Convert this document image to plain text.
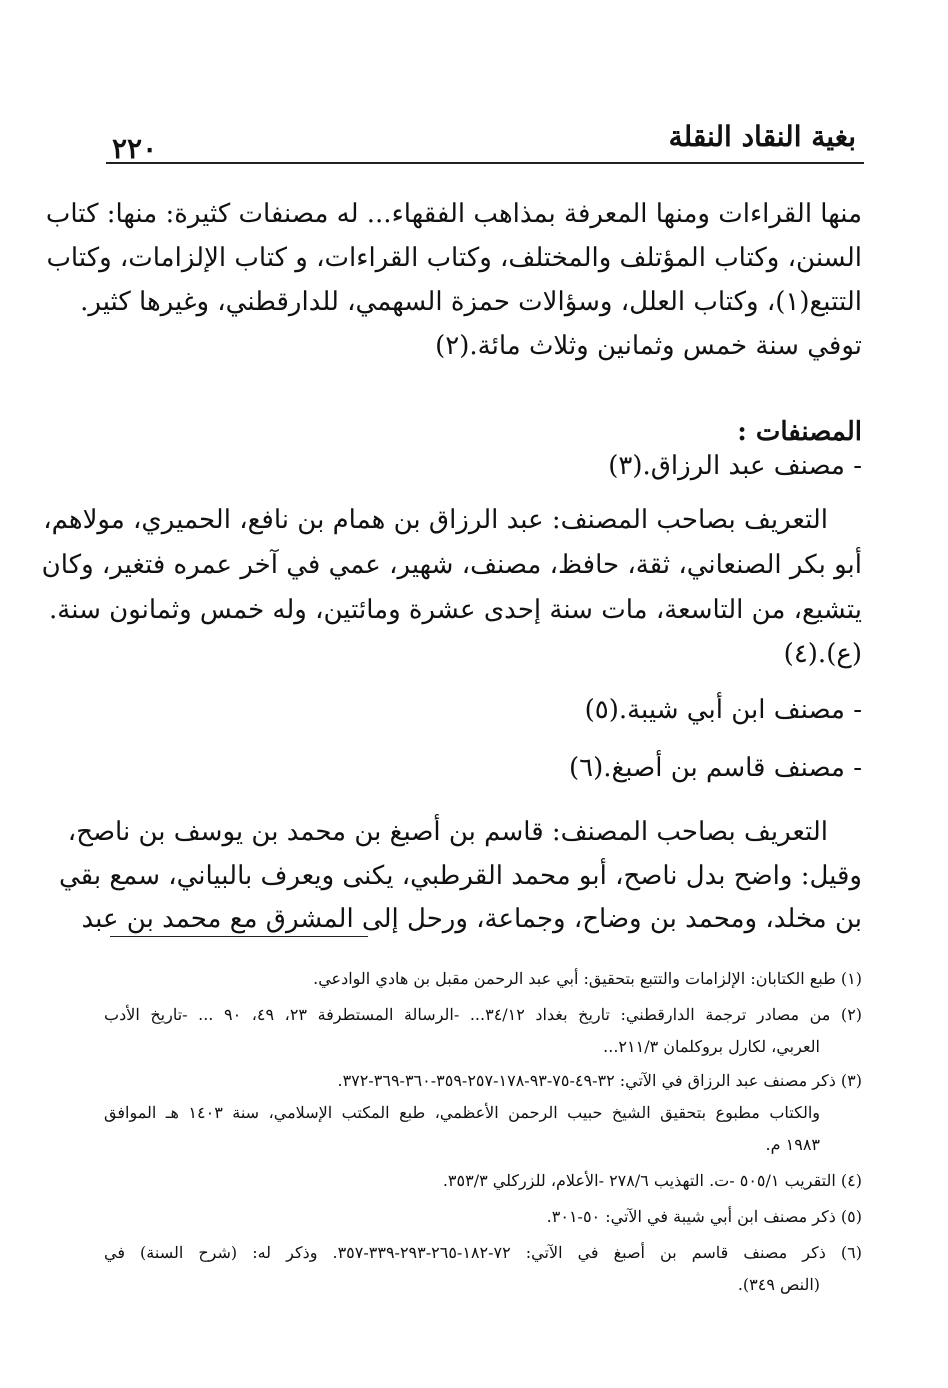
بغية النقاد النقلة
٢٢٠
منها القراءات ومنها المعرفة بمذاهب الفقهاء... له مصنفات كثيرة: منها: كتاب
السنن، وكتاب المؤتلف والمختلف، وكتاب القراءات، و كتاب الإلزامات، وكتاب
التتبع(١)، وكتاب العلل، وسؤالات حمزة السهمي، للدارقطني، وغيرها كثير.
توفي سنة خمس وثمانين وثلاث مائة.(٢)
المصنفات :
- مصنف عبد الرزاق.(٣)
التعريف بصاحب المصنف: عبد الرزاق بن همام بن نافع، الحميري، مولاهم،
أبو بكر الصنعاني، ثقة، حافظ، مصنف، شهير، عمي في آخر عمره فتغير، وكان
يتشيع، من التاسعة، مات سنة إحدى عشرة ومائتين، وله خمس وثمانون سنة.
(ع).(٤)
- مصنف ابن أبي شيبة.(٥)
- مصنف قاسم بن أصبغ.(٦)
التعريف بصاحب المصنف: قاسم بن أصبغ بن محمد بن يوسف بن ناصح،
وقيل: واضح بدل ناصح، أبو محمد القرطبي، يكنى ويعرف بالبياني، سمع بقي
بن مخلد، ومحمد بن وضاح، وجماعة، ورحل إلى المشرق مع محمد بن عبد
(١) طبع الكتابان: الإلزامات والتتبع بتحقيق: أبي عبد الرحمن مقبل بن هادي الوادعي.
(٢) من مصادر ترجمة الدارقطني: تاريخ بغداد ٣٤/١٢... -الرسالة المستطرفة ٢٣، ٤٩، ٩٠ ... -تاريخ الأدب
العربي، لكارل بروكلمان ٢١١/٣...
(٣) ذكر مصنف عبد الرزاق في الآتي: ٣٢-٤٩-٧٥-٩٣-١٧٨-٢٥٧-٣٥٩-٣٦٠-٣٦٩-٣٧٢.
والكتاب مطبوع بتحقيق الشيخ حبيب الرحمن الأعظمي، طبع المكتب الإسلامي، سنة ١٤٠٣ هـ الموافق
١٩٨٣ م.
(٤) التقريب ٥٠٥/١ -ت. التهذيب ٢٧٨/٦ -الأعلام، للزركلي ٣٥٣/٣.
(٥) ذكر مصنف ابن أبي شيبة في الآتي: ٥٠-٣٠١.
(٦) ذكر مصنف قاسم بن أصبغ في الآتي: ٧٢-١٨٢-٢٦٥-٢٩٣-٣٣٩-٣٥٧. وذكر له: (شرح السنة) في
(النص ٣٤٩).
